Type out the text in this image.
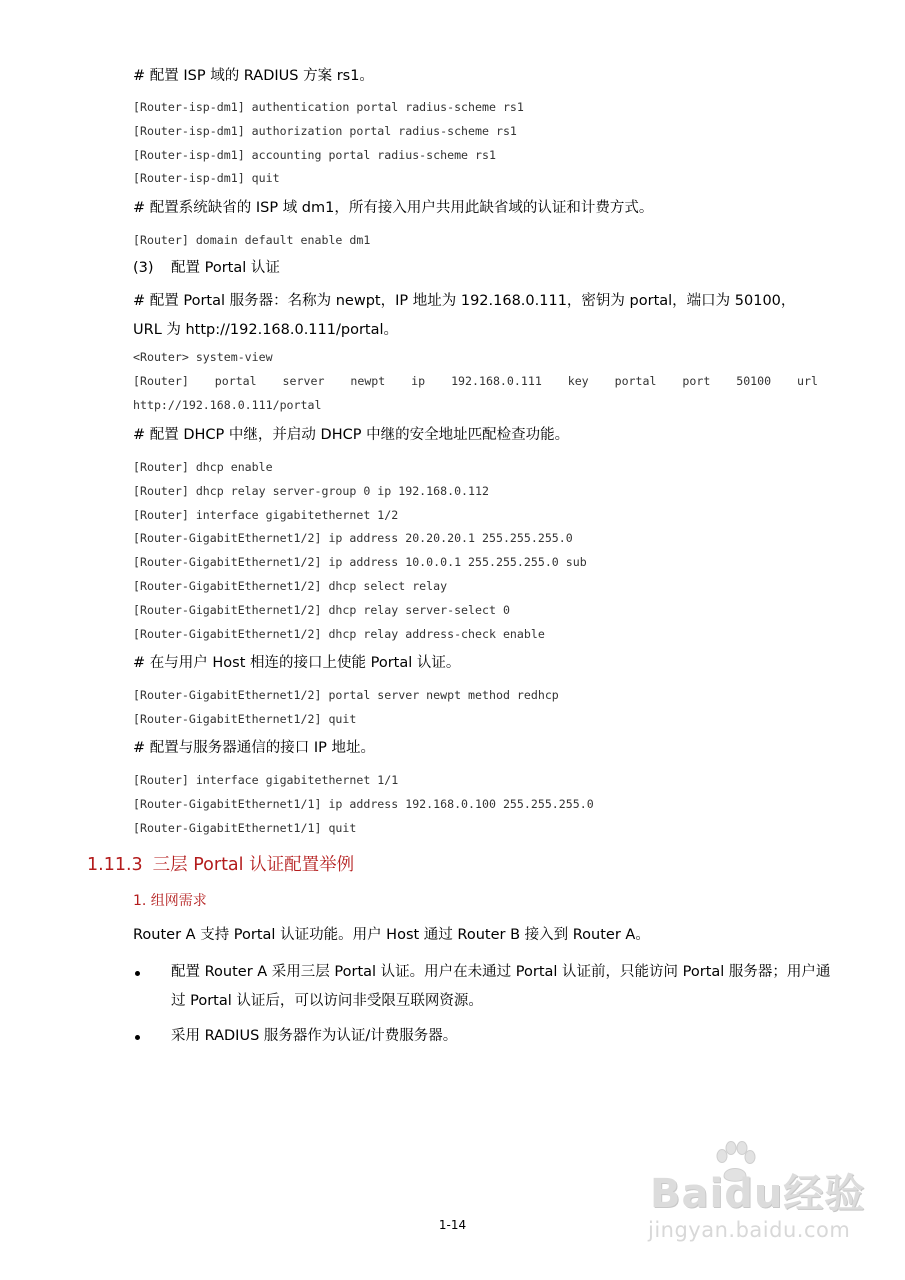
# 配置 ISP 域的 RADIUS 方案 rs1。
[Router-isp-dm1] authentication portal radius-scheme rs1
[Router-isp-dm1] authorization portal radius-scheme rs1
[Router-isp-dm1] accounting portal radius-scheme rs1
[Router-isp-dm1] quit
# 配置系统缺省的 ISP 域 dm1，所有接入用户共用此缺省域的认证和计费方式。
[Router] domain default enable dm1
(3) 配置 Portal 认证
# 配置 Portal 服务器：名称为 newpt，IP 地址为 192.168.0.111，密钥为 portal，端口为 50100，URL 为 http://192.168.0.111/portal。
<Router> system-view
[Router] portal server newpt ip 192.168.0.111 key portal port 50100 url
http://192.168.0.111/portal
# 配置 DHCP 中继，并启动 DHCP 中继的安全地址匹配检查功能。
[Router] dhcp enable
[Router] dhcp relay server-group 0 ip 192.168.0.112
[Router] interface gigabitethernet 1/2
[Router-GigabitEthernet1/2] ip address 20.20.20.1 255.255.255.0
[Router-GigabitEthernet1/2] ip address 10.0.0.1 255.255.255.0 sub
[Router-GigabitEthernet1/2] dhcp select relay
[Router-GigabitEthernet1/2] dhcp relay server-select 0
[Router-GigabitEthernet1/2] dhcp relay address-check enable
# 在与用户 Host 相连的接口上使能 Portal 认证。
[Router-GigabitEthernet1/2] portal server newpt method redhcp
[Router-GigabitEthernet1/2] quit
# 配置与服务器通信的接口 IP 地址。
[Router] interface gigabitethernet 1/1
[Router-GigabitEthernet1/1] ip address 192.168.0.100 255.255.255.0
[Router-GigabitEthernet1/1] quit
1.11.3 三层 Portal 认证配置举例
1. 组网需求
Router A 支持 Portal 认证功能。用户 Host 通过 Router B 接入到 Router A。
配置 Router A 采用三层 Portal 认证。用户在未通过 Portal 认证前，只能访问 Portal 服务器；用户通过 Portal 认证后，可以访问非受限互联网资源。
采用 RADIUS 服务器作为认证/计费服务器。
1-14
Baidu经验
jingyan.baidu.com
